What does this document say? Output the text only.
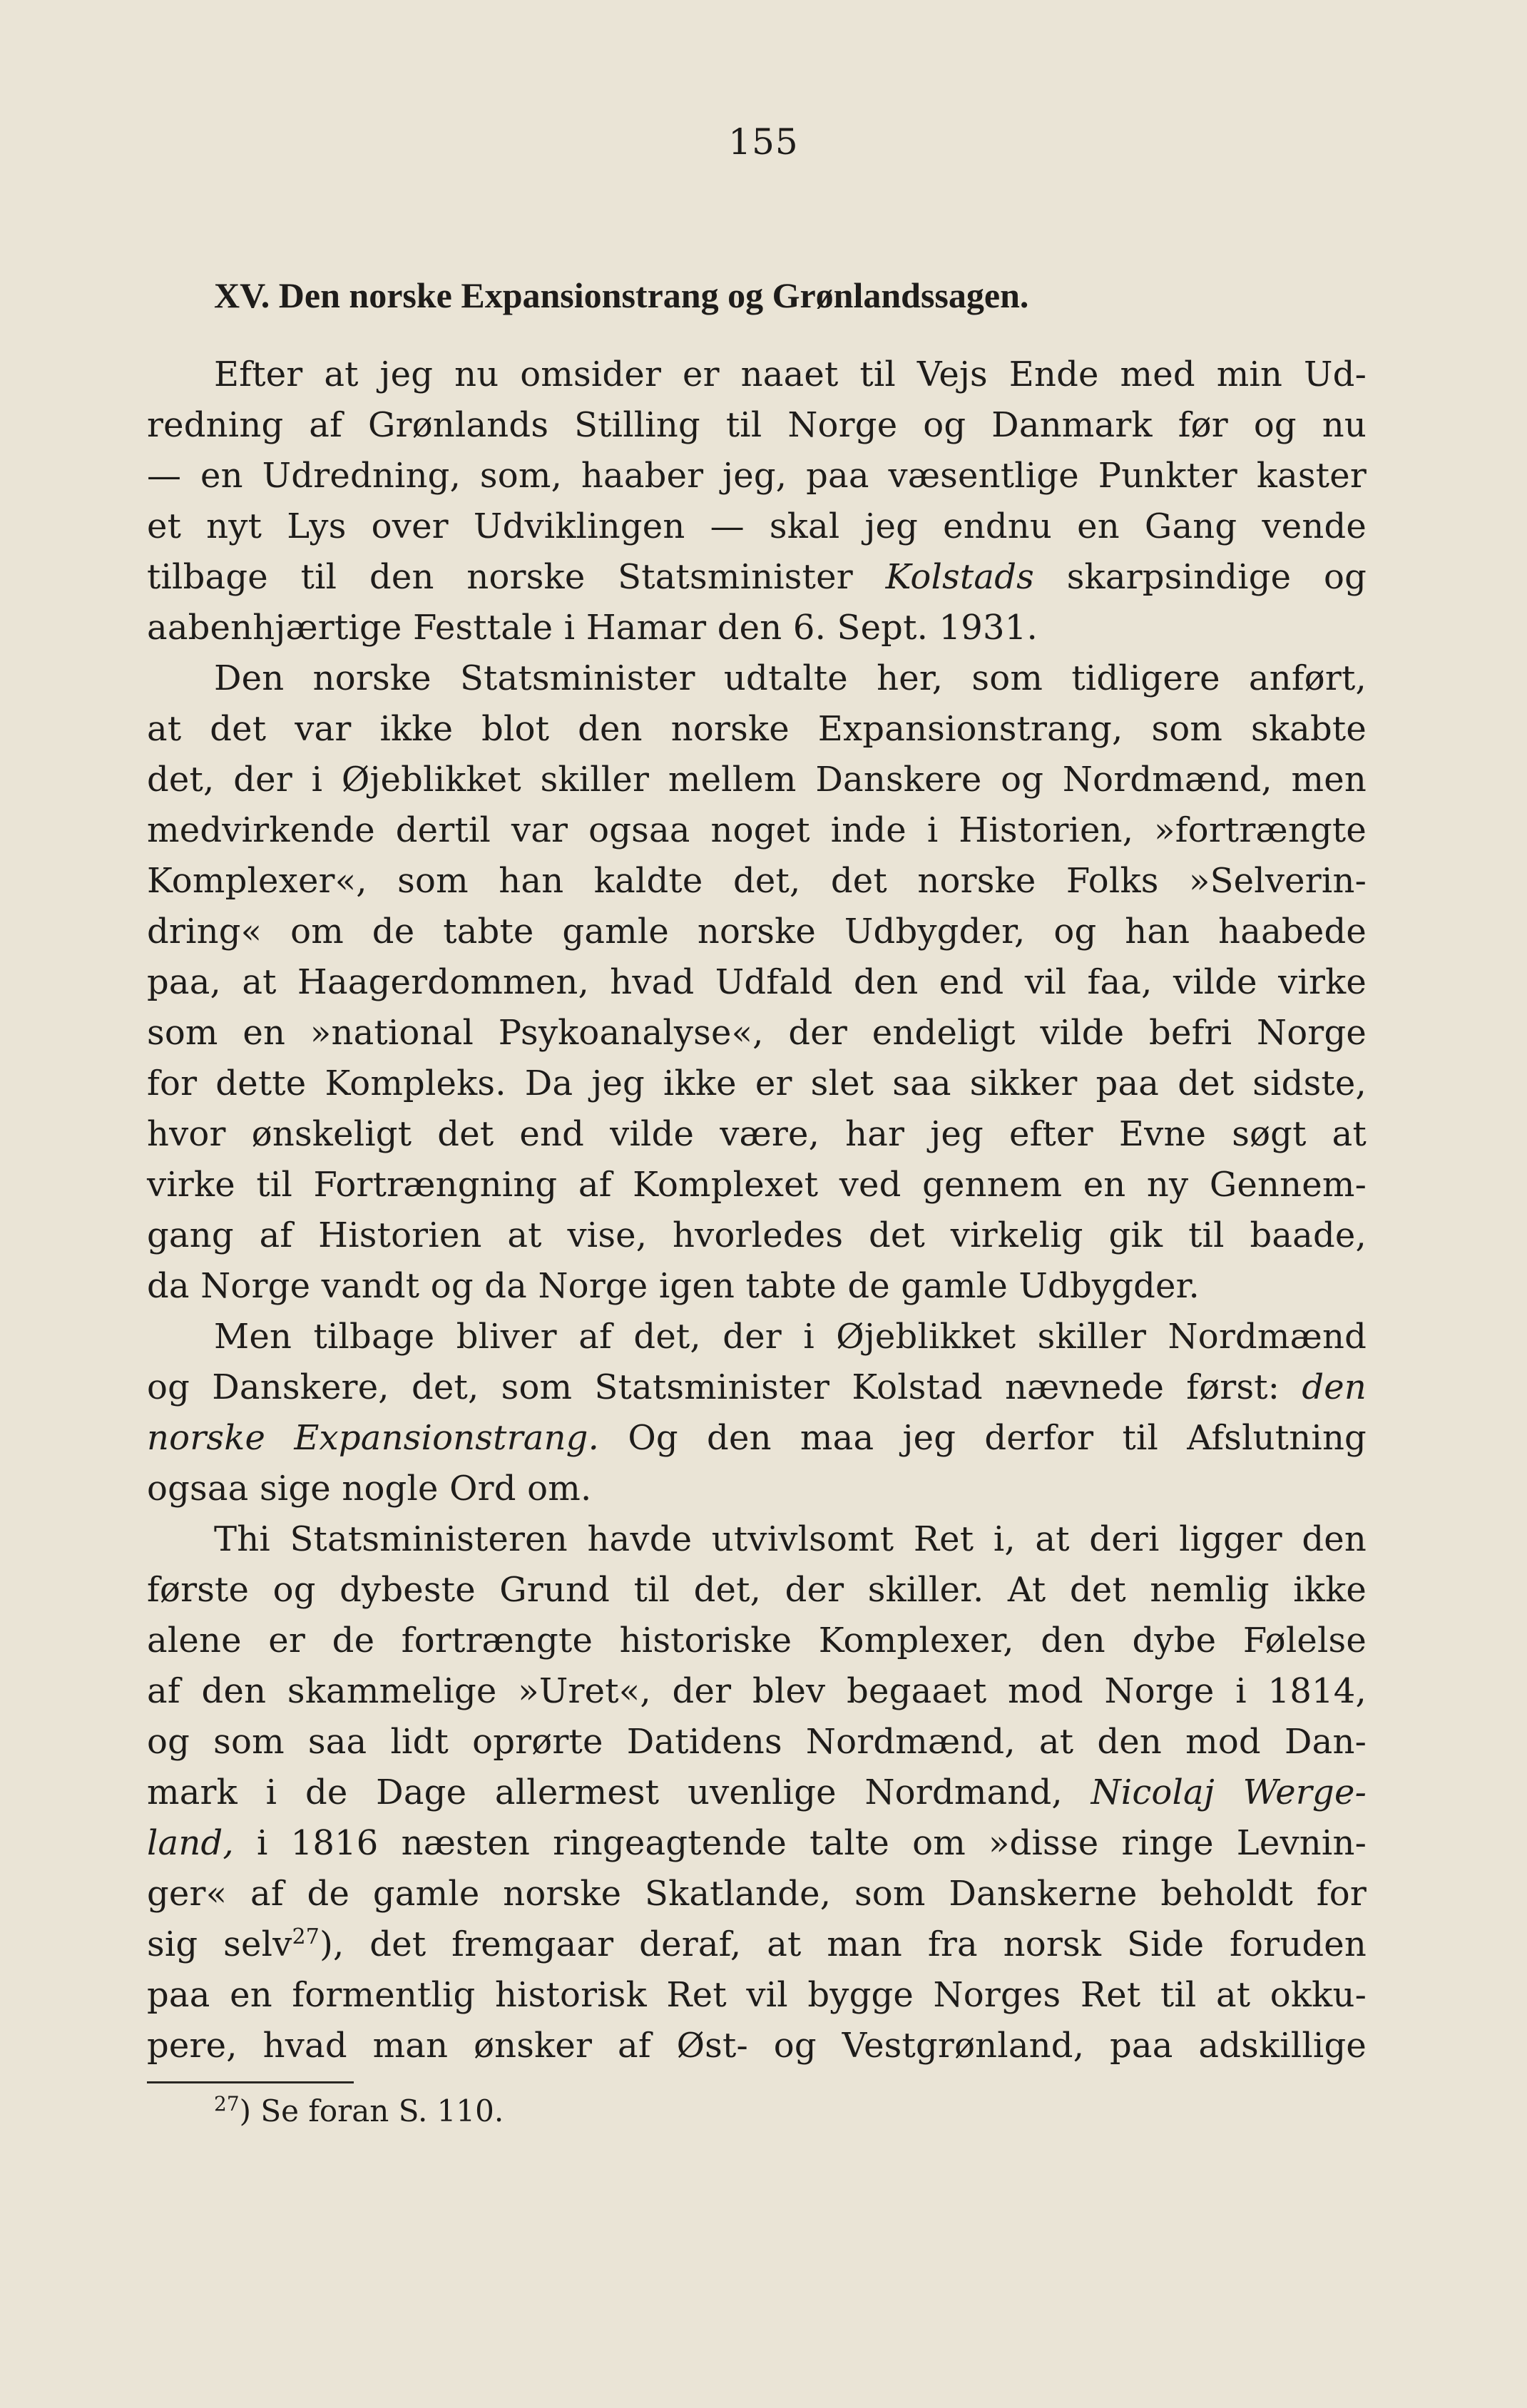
155
XV. Den norske Expansionstrang og Grønlandssagen.
Efter at jeg nu omsider er naaet til Vejs Ende med min Ud-
redning af Grønlands Stilling til Norge og Danmark før og nu
— en Udredning, som, haaber jeg, paa væsentlige Punkter kaster
et nyt Lys over Udviklingen — skal jeg endnu en Gang vende
tilbage til den norske Statsminister Kolstads skarpsindige og
aabenhjærtige Festtale i Hamar den 6. Sept. 1931.
Den norske Statsminister udtalte her, som tidligere anført,
at det var ikke blot den norske Expansionstrang, som skabte
det, der i Øjeblikket skiller mellem Danskere og Nordmænd, men
medvirkende dertil var ogsaa noget inde i Historien, »fortrængte
Komplexer«, som han kaldte det, det norske Folks »Selverin-
dring« om de tabte gamle norske Udbygder, og han haabede
paa, at Haagerdommen, hvad Udfald den end vil faa, vilde virke
som en »national Psykoanalyse«, der endeligt vilde befri Norge
for dette Kompleks. Da jeg ikke er slet saa sikker paa det sidste,
hvor ønskeligt det end vilde være, har jeg efter Evne søgt at
virke til Fortrængning af Komplexet ved gennem en ny Gennem-
gang af Historien at vise, hvorledes det virkelig gik til baade,
da Norge vandt og da Norge igen tabte de gamle Udbygder.
Men tilbage bliver af det, der i Øjeblikket skiller Nordmænd
og Danskere, det, som Statsminister Kolstad nævnede først: den
norske Expansionstrang. Og den maa jeg derfor til Afslutning
ogsaa sige nogle Ord om.
Thi Statsministeren havde utvivlsomt Ret i, at deri ligger den
første og dybeste Grund til det, der skiller. At det nemlig ikke
alene er de fortrængte historiske Komplexer, den dybe Følelse
af den skammelige »Uret«, der blev begaaet mod Norge i 1814,
og som saa lidt oprørte Datidens Nordmænd, at den mod Dan-
mark i de Dage allermest uvenlige Nordmand, Nicolaj Werge-
land, i 1816 næsten ringeagtende talte om »disse ringe Levnin-
ger« af de gamle norske Skatlande, som Danskerne beholdt for
sig selv$^{27}$), det fremgaar deraf, at man fra norsk Side foruden
paa en formentlig historisk Ret vil bygge Norges Ret til at okku-
pere, hvad man ønsker af Øst- og Vestgrønland, paa adskillige
$^{27}$) Se foran S. 110.
